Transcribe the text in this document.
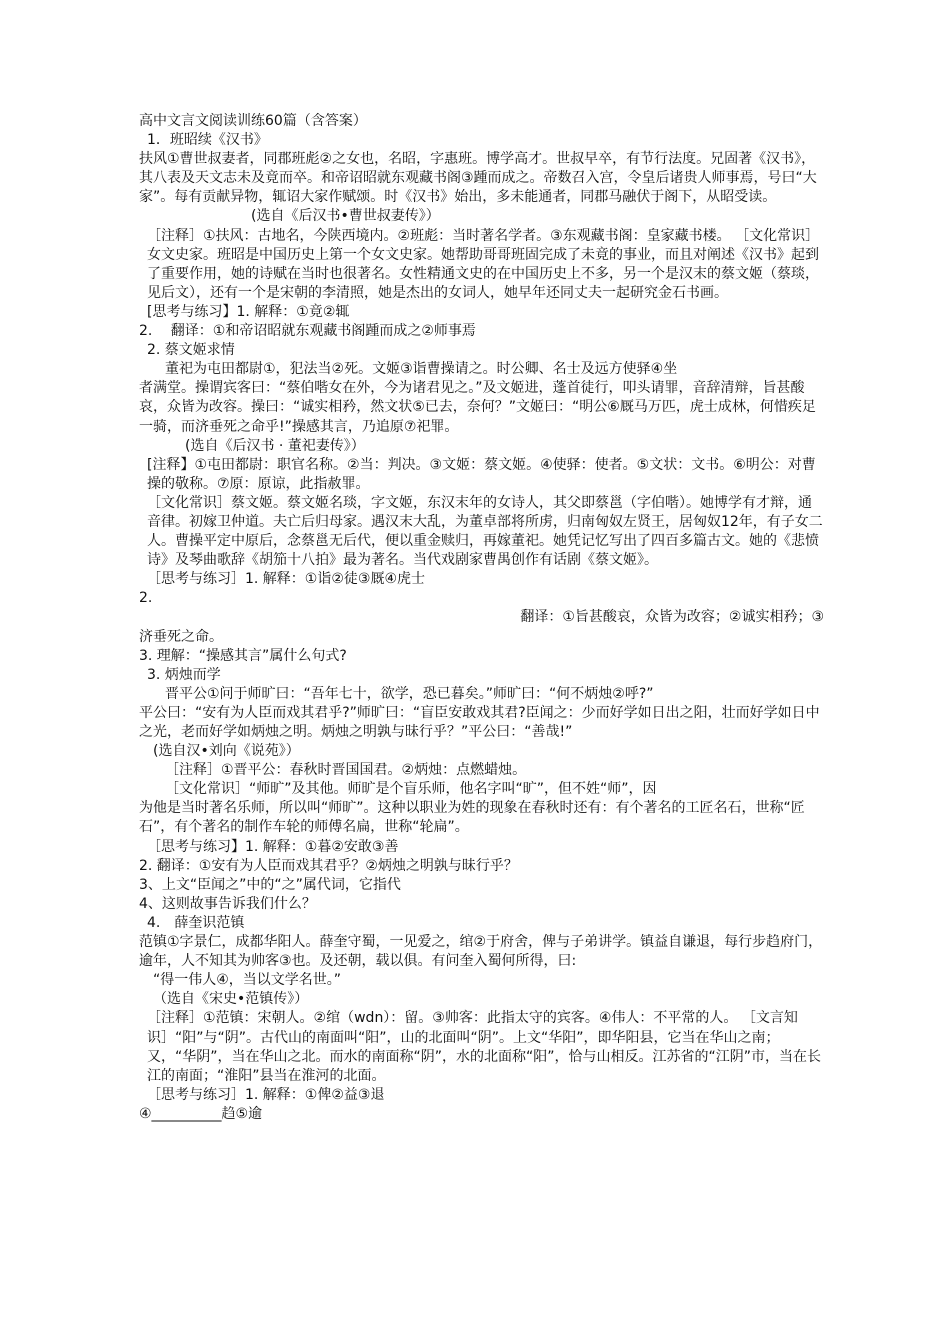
高中文言文阅读训练60篇（含答案）

1．班昭续《汉书》

扶风①曹世叔妻者，同郡班彪②之女也，名昭，字惠班。博学高才。世叔早卒，有节行法度。兄固著《汉书》，其八表及天文志未及竟而卒。和帝诏昭就东观藏书阁③踵而成之。帝数召入宫，令皇后诸贵人师事焉，号曰“大家”。每有贡献异物，辄诏大家作赋颂。时《汉书》始出，多未能通者，同郡马融伏于阁下，从昭受读。

(选自《后汉书•曹世叔妻传》）

［注释］①扶风：古地名，今陕西境内。②班彪：当时著名学者。③东观藏书阁：皇家藏书楼。 ［文化常识］女文史家。班昭是中国历史上第一个女文史家。她帮助哥哥班固完成了未竟的事业，而且对阐述《汉书》起到了重要作用，她的诗赋在当时也很著名。女性精通文史的在中国历史上不多，另一个是汉末的蔡文姬（蔡琰，见后文），还有一个是宋朝的李清照，她是杰出的女词人，她早年还同丈夫一起研究金石书画。

[思考与练习】1. 解释：①竟②辄

2.　 翻译：①和帝诏昭就东观藏书阁踵而成之②师事焉

2. 蔡文姬求情

董祀为屯田都尉①，犯法当②死。文姬③诣曹操请之。时公卿、名士及远方使驿④坐

者满堂。操谓宾客曰：“蔡伯喈女在外，今为诸君见之。”及文姬进，蓬首徒行，叩头请罪，音辞清辩，旨甚酸哀，众皆为改容。操曰：“诚实相矜，然文状⑤已去，奈何？”文姬曰：“明公⑥厩马万匹，虎士成林，何惜疾足一骑，而济垂死之命乎!”操感其言，乃追原⑦祀罪。

(选自《后汉书 · 董祀妻传》）

[注释】①屯田都尉：职官名称。②当：判决。③文姬：蔡文姬。④使驿：使者。⑤文状：文书。⑥明公：对曹操的敬称。⑦原：原谅，此指赦罪。

［文化常识］蔡文姬。蔡文姬名琰，字文姬，东汉末年的女诗人，其父即蔡邕（字伯喈）。她博学有才辩，通音律。初嫁卫仲道。夫亡后归母家。遇汉末大乱，为董卓部将所虏，归南匈奴左贤王，居匈奴12年，有子女二人。曹操平定中原后，念蔡邕无后代，便以重金赎归，再嫁董祀。她凭记忆写出了四百多篇古文。她的《悲愤诗》及琴曲歌辞《胡笳十八拍》最为著名。当代戏剧家曹禺创作有话剧《蔡文姬》。

［思考与练习］1. 解释：①诣②徒③厩④虎士

2.

翻译：①旨甚酸哀，众皆为改容；②诚实相矜；③

济垂死之命。

3. 理解：“操感其言”属什么句式?

3. 炳烛而学

晋平公①问于师旷曰：“吾年七十，欲学，恐已暮矣。”师旷曰：“何不炳烛②呼?”

平公曰：“安有为人臣而戏其君乎?”师旷曰：“盲臣安敢戏其君?臣闻之：少而好学如日出之阳，壮而好学如日中之光，老而好学如炳烛之明。炳烛之明孰与昧行乎？”平公曰：“善哉!”

(选自汉•刘向《说苑》）

［注释］①晋平公：春秋时晋国国君。②炳烛：点燃蜡烛。

［文化常识］“师旷”及其他。师旷是个盲乐师，他名字叫“旷”，但不姓“师”，因

为他是当时著名乐师，所以叫“师旷”。这种以职业为姓的现象在春秋时还有：有个著名的工匠名石，世称“匠石”，有个著名的制作车轮的师傅名扁，世称“轮扁”。

［思考与练习】1. 解释：①暮②安敢③善

2. 翻译：①安有为人臣而戏其君乎？②炳烛之明孰与昧行乎？

3、上文“臣闻之”中的“之”属代词，它指代

4、这则故事告诉我们什么？

4.　薛奎识范镇

范镇①字景仁，成都华阳人。薛奎守蜀，一见爱之，绾②于府舍，俾与子弟讲学。镇益自谦退，每行步趋府门，逾年，人不知其为帅客③也。及还朝，载以俱。有问奎入蜀何所得，曰:

“得一伟人④，当以文学名世。”

（选自《宋史•范镇传》）

［注释］①范镇：宋朝人。②绾（wdn）：留。③帅客：此指太守的宾客。④伟人：不平常的人。 ［文言知识］“阳”与“阴”。古代山的南面叫“阳”，山的北面叫“阴”。上文“华阳”，即华阳县，它当在华山之南；又，“华阴”，当在华山之北。而水的南面称“阴”，水的北面称“阳”，恰与山相反。江苏省的“江阴”市，当在长江的南面；“淮阳”县当在淮河的北面。

［思考与练习］1. 解释：①俾②益③退

④__________趋⑤逾
